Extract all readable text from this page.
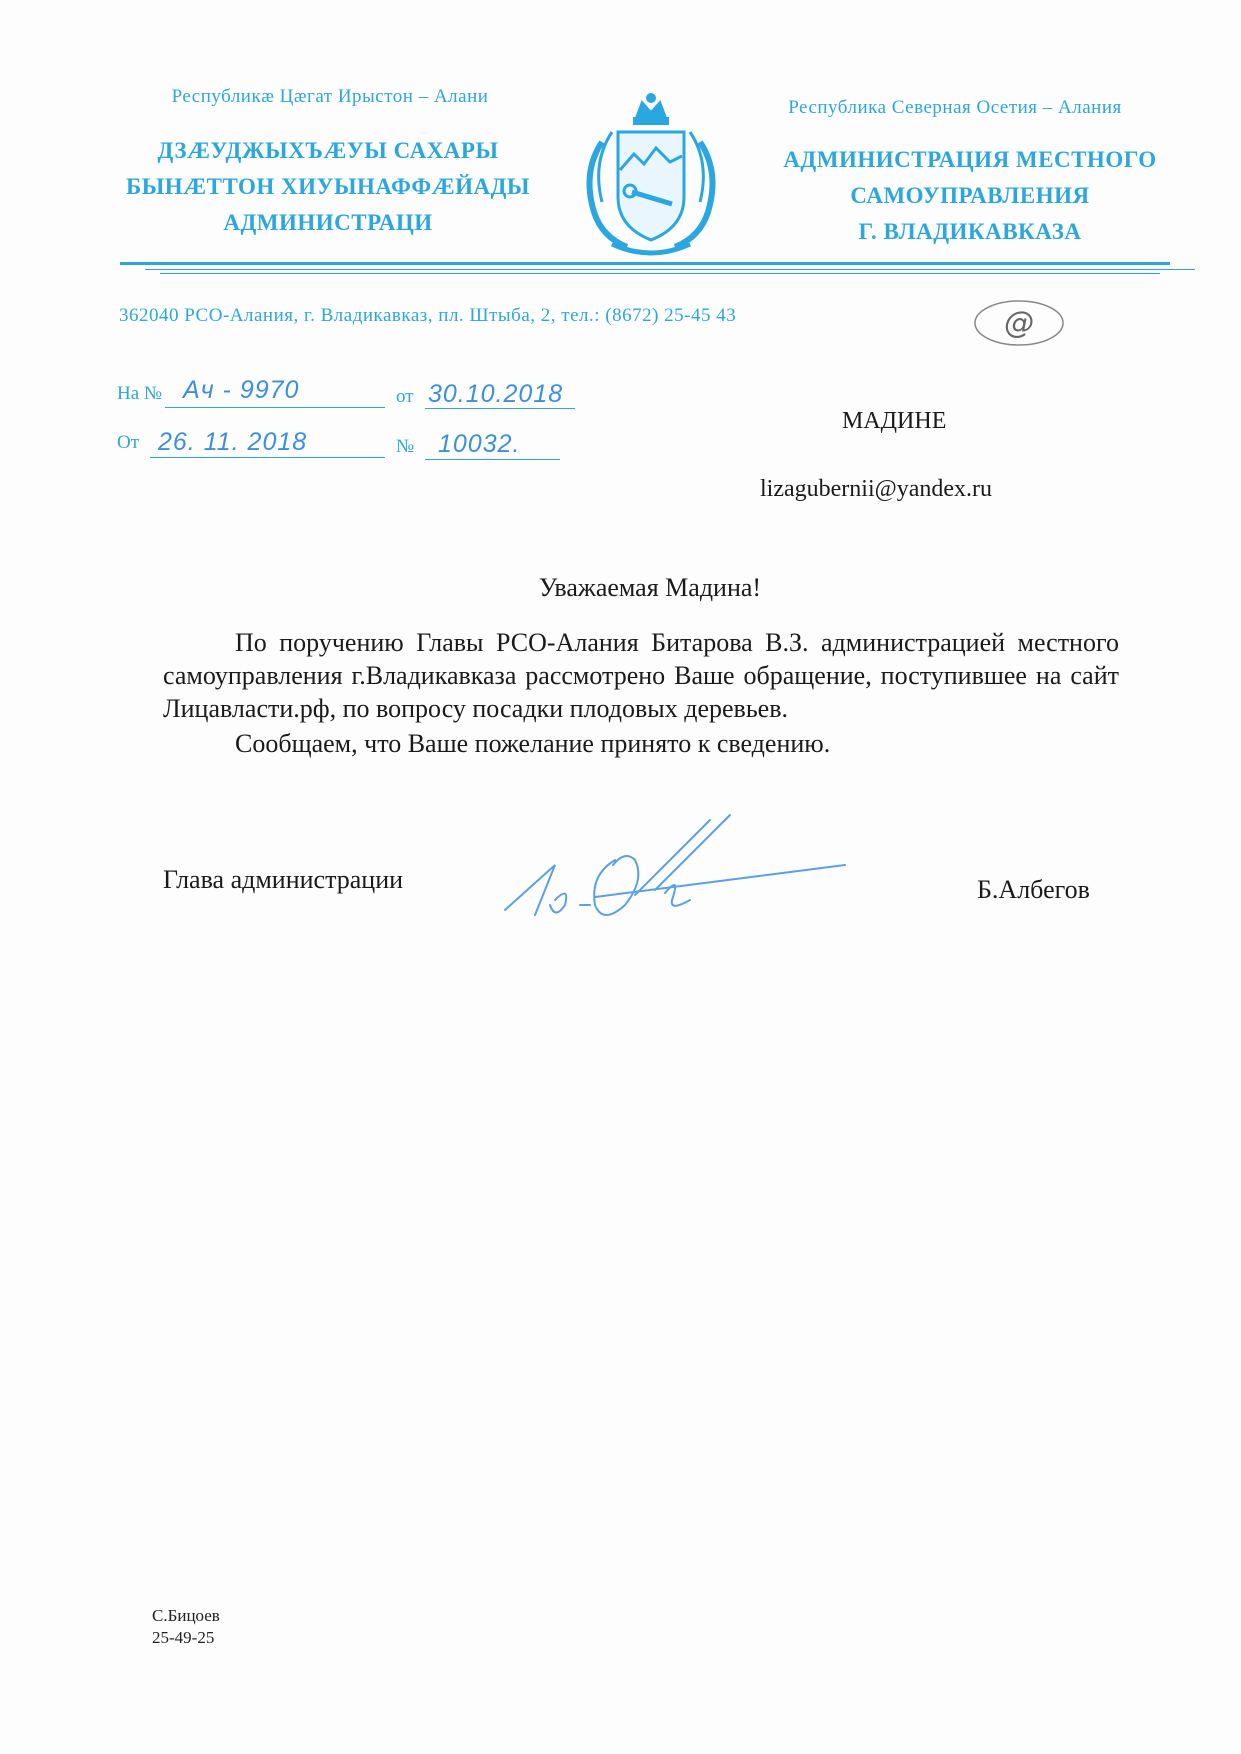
Республикæ Цæгат Ирыстон – Алани
ДЗÆУДЖЫХЪÆУЫ САХАРЫ
БЫНÆТТОН ХИУЫНАФФÆЙАДЫ
АДМИНИСТРАЦИ
Республика Северная Осетия – Алания
АДМИНИСТРАЦИЯ МЕСТНОГО
САМОУПРАВЛЕНИЯ
Г. ВЛАДИКАВКАЗА
362040 РСО-Алания, г. Владикавказ, пл. Штыба, 2, тел.: (8672) 25-45 43	@
На № Ач - 9970	от 30.10.2018
От 26. 11. 2018	№ 10032.
МАДИНЕ
lizagubernii@yandex.ru
Уважаемая Мадина!

По поручению Главы РСО-Алания Битарова В.З. администрацией местного самоуправления г.Владикавказа рассмотрено Ваше обращение, поступившее на сайт Лицавласти.рф, по вопросу посадки плодовых деревьев.

Сообщаем, что Ваше пожелание принято к сведению.

Глава администрации	Б.Албегов
С.Бицоев
25-49-25
